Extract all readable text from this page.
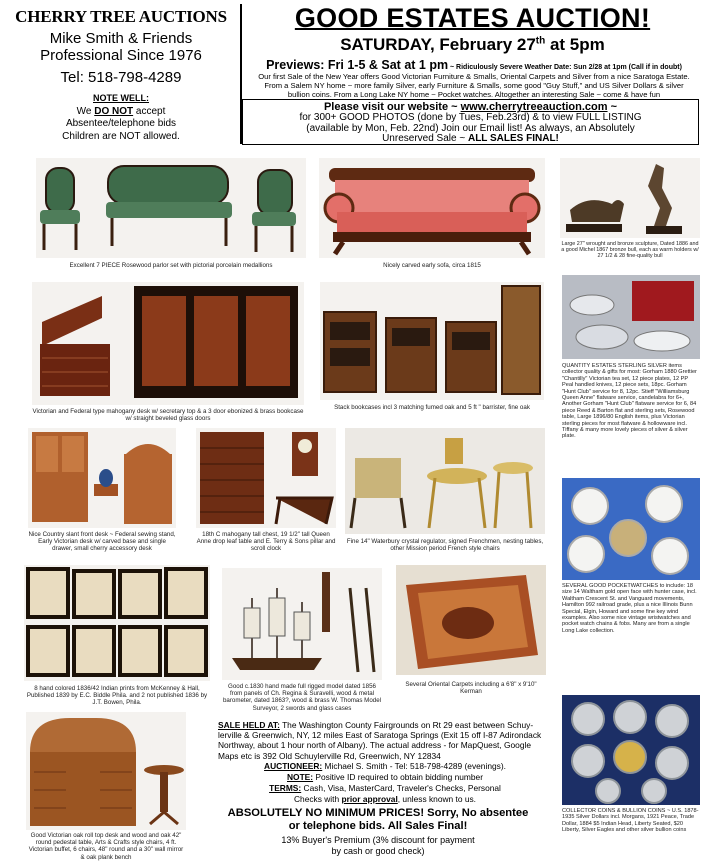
CHERRY TREE AUCTIONS
Mike Smith & Friends
Professional Since 1976
Tel: 518-798-4289
NOTE WELL:
We DO NOT accept
Absentee/telephone bids
Children are NOT allowed.
GOOD ESTATES AUCTION!
SATURDAY, February 27th at 5pm
Previews: Fri 1-5 & Sat at 1 pm ~ Ridiculously Severe Weather Date: Sun 2/28 at 1pm (Call if in doubt)
Our first Sale of the New Year offers Good Victorian Furniture & Smalls, Oriental Carpets and Silver from a nice Saratoga Estate.
From a Salem NY home ~ more family Silver, early Furniture & Smalls, some good "Guy Stuff," and US Silver Dollars & silver
bullion coins. From a Long Lake NY home ~ Pocket watches. Altogether an interesting Sale ~ come & have fun
Please visit our website ~ www.cherrytreeauction.com ~
for 300+ GOOD PHOTOS (done by Tues, Feb.23rd) & to view FULL LISTING
(available by Mon, Feb. 22nd) Join our Email list! As always, an Absolutely
Unreserved Sale ~ ALL SALES FINAL!
Excellent 7 PIECE Rosewood parlor set with pictorial porcelain medallions	Nicely carved early sofa, circa 1815
Large 27" wrought and bronze sculpture, Dated 1886 and a good Michel 1867 bronze bull, each as warm holders w/ 27 1/2 & 28 fine-quality bull
Victorian and Federal type mahogany desk w/ secretary top & a 3 door ebonized & brass bookcase w/ straight beveled glass doors
Stack bookcases incl 3 matching fumed oak and 5 ft " barrister, fine oak
QUANTITY ESTATES STERLING SILVER items collector quality & gifts for most: Gorham 1880 Grettier "Chantilly" Victorian tea set, 12 piece plates, 12 PP Peal handled knives, 12 piece sets, 18pc. Gorham "Hunt Club" service for 8, 12pc. Stieff "Williamsburg Queen Anne" flatware service, candelabra for 6+, Another Gorham "Hunt Club" flatware service for 6, 84 piece Reed & Barton flat and sterling sets, Rosewood table, Large 1896/80 English items, plus Victorian sterling pieces for most flatware & hollowware incl. Tiffany & many more lovely pieces of silver & silver plate.
Nice Country slant front desk ~ Federal sewing stand, Early Victorian desk w/ carved base and single drawer, small cherry accessory desk
18th C mahogany tall chest, 19 1/2" tall Queen Anne drop leaf table and E. Terry & Sons pillar and scroll clock
Fine 14" Waterbury crystal regulator, signed Frenchmen, nesting tables, other Mission period French style chairs
SEVERAL GOOD POCKETWATCHES to include: 18 size 14 Waltham gold open face with hunter case, incl. Waltham Crescent St. and Vanguard movements, Hamilton 992 railroad grade, plus a nice Illinois Bunn Special, Elgin, Howard and some fine key wind examples. Also some nice vintage wristwatches and pocket watch chains & fobs. Many are from a single Long Lake collection.
8 hand colored 1836/42 Indian prints from McKenney & Hall, Published 1839 by E.C. Biddle Phila. and 2 not published 1836 by J.T. Bowen, Phila.
Good c.1830 hand made full rigged model dated 1856 from panels of Ch. Regina & Suravelli, wood & metal barometer, dated 1863?, wood & brass W. Thomas Model Surveyor, 2 swords and glass cases
Several Oriental Carpets including a 6'8" x 9'10" Kerman
Good Victorian oak roll top desk and wood and oak 42" round pedestal table, Arts & Crafts style chairs, 4 ft. Victorian buffet, 6 chairs, 48" round and a 30" wall mirror & oak plank bench
SALE HELD AT: The Washington County Fairgrounds on Rt 29 east between Schuy-lerville & Greenwich, NY, 12 miles East of Saratoga Springs (Exit 15 off I-87 Adirondack Northway, about 1 hour north of Albany). The actual address - for MapQuest, Google Maps etc is 392 Old Schuylerville Rd, Greenwich, NY 12834
AUCTIONEER: Michael S. Smith - Tel: 518-798-4289 (evenings).
NOTE: Positive ID required to obtain bidding number
TERMS: Cash, Visa, MasterCard, Traveler's Checks, Personal
Checks with prior approval, unless known to us.
ABSOLUTELY NO MINIMUM PRICES! Sorry, No absentee
or telephone bids. All Sales Final!
13% Buyer's Premium (3% discount for payment
by cash or good check)
COLLECTOR COINS & BULLION COINS ~ U.S. 1878-1935 Silver Dollars incl. Morgans, 1921 Peace, Trade Dollar, 1884 $5 Indian Head, Liberty Seated, $20 Liberty, Silver Eagles and other silver bullion coins
